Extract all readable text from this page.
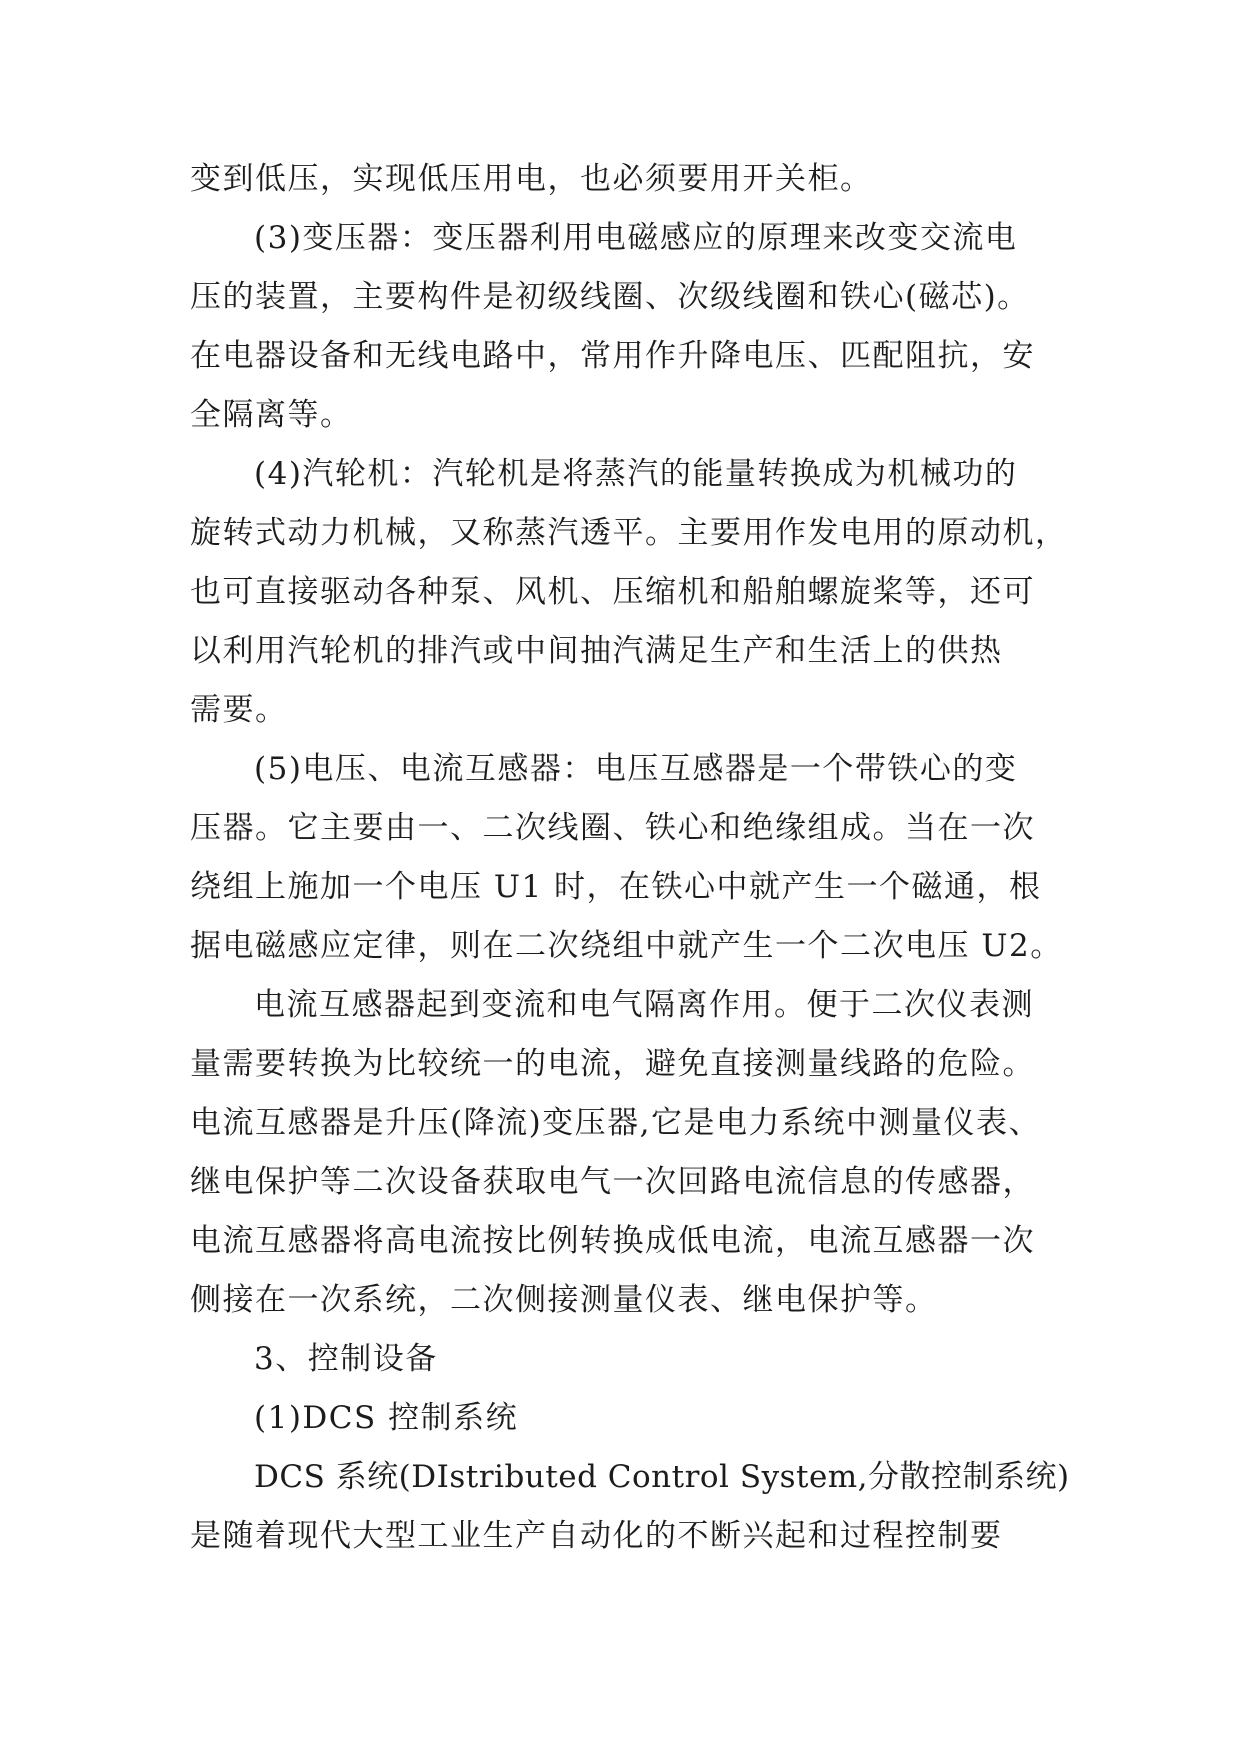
变到低压，实现低压用电，也必须要用开关柜。
(3)变压器：变压器利用电磁感应的原理来改变交流电
压的装置，主要构件是初级线圈、次级线圈和铁心(磁芯)。
在电器设备和无线电路中，常用作升降电压、匹配阻抗，安
全隔离等。
(4)汽轮机：汽轮机是将蒸汽的能量转换成为机械功的
旋转式动力机械，又称蒸汽透平。主要用作发电用的原动机，
也可直接驱动各种泵、风机、压缩机和船舶螺旋桨等，还可
以利用汽轮机的排汽或中间抽汽满足生产和生活上的供热
需要。
(5)电压、电流互感器：电压互感器是一个带铁心的变
压器。它主要由一、二次线圈、铁心和绝缘组成。当在一次
绕组上施加一个电压 U1 时，在铁心中就产生一个磁通，根
据电磁感应定律，则在二次绕组中就产生一个二次电压 U2。
电流互感器起到变流和电气隔离作用。便于二次仪表测
量需要转换为比较统一的电流，避免直接测量线路的危险。
电流互感器是升压(降流)变压器,它是电力系统中测量仪表、
继电保护等二次设备获取电气一次回路电流信息的传感器，
电流互感器将高电流按比例转换成低电流，电流互感器一次
侧接在一次系统，二次侧接测量仪表、继电保护等。
3、控制设备
(1)DCS 控制系统
DCS 系统(DIstributed Control System,分散控制系统)
是随着现代大型工业生产自动化的不断兴起和过程控制要
